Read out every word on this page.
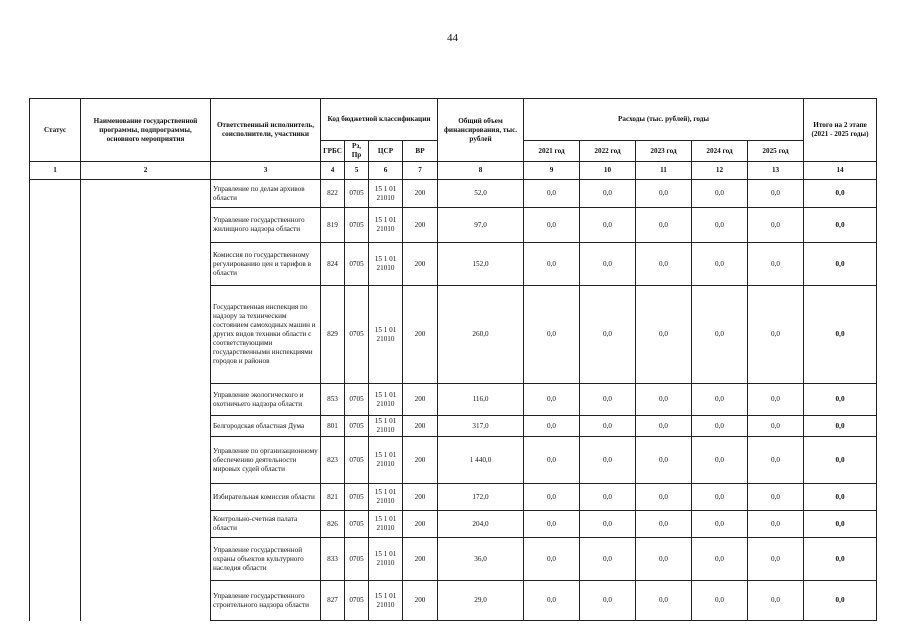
44
Статус	Наименование государственной программы, подпрограммы, основного мероприятия	Ответственный исполнитель, соисполнители, участники	Код бюджетной классификации				Общий объем финансирования, тыс. рублей	Расходы (тыс. рублей), годы					Итого на 2 этапе (2021 - 2025 годы)
			ГРБС	Рз, Пр	ЦСР	ВР		2021 год	2022 год	2023 год	2024 год	2025 год	
1	2	3	4	5	6	7	8	9	10	11	12	13	14
		Управление по делам архивов области	822	0705	15 1 01 21010	200	52,0	0,0	0,0	0,0	0,0	0,0	0,0
		Управление государственного жилищного надзора области	819	0705	15 1 01 21010	200	97,0	0,0	0,0	0,0	0,0	0,0	0,0
		Комиссия по государственному регулированию цен и тарифов в области	824	0705	15 1 01 21010	200	152,0	0,0	0,0	0,0	0,0	0,0	0,0
		Государственная инспекция по надзору за техническим состоянием самоходных машин и других видов техники области с соответствующими государственными инспекциями городов и районов	829	0705	15 1 01 21010	200	260,0	0,0	0,0	0,0	0,0	0,0	0,0
		Управление экологического и охотничьего надзора области	853	0705	15 1 01 21010	200	116,0	0,0	0,0	0,0	0,0	0,0	0,0
		Белгородская областная Дума	801	0705	15 1 01 21010	200	317,0	0,0	0,0	0,0	0,0	0,0	0,0
		Управление по организационному обеспечению деятельности мировых судей области	823	0705	15 1 01 21010	200	1 440,0	0,0	0,0	0,0	0,0	0,0	0,0
		Избирательная комиссия области	821	0705	15 1 01 21010	200	172,0	0,0	0,0	0,0	0,0	0,0	0,0
		Контрольно-счетная палата области	826	0705	15 1 01 21010	200	204,0	0,0	0,0	0,0	0,0	0,0	0,0
		Управление государственной охраны объектов культурного наследия области	833	0705	15 1 01 21010	200	36,0	0,0	0,0	0,0	0,0	0,0	0,0
		Управление государственного строительного надзора области	827	0705	15 1 01 21010	200	29,0	0,0	0,0	0,0	0,0	0,0	0,0
